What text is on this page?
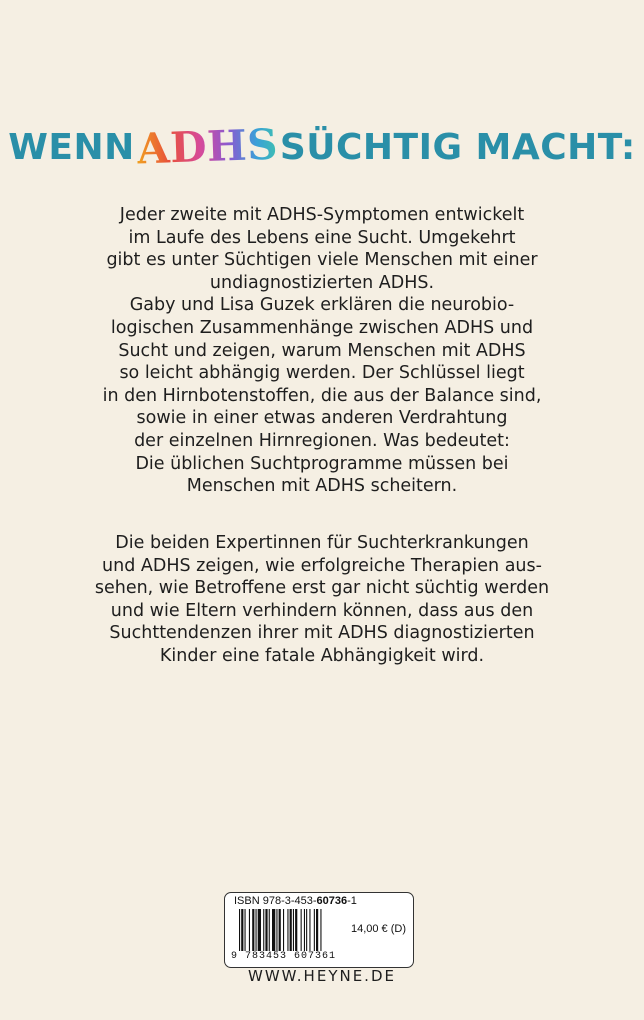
WENNADHSSÜCHTIG MACHT:
Jeder zweite mit ADHS-Symptomen entwickelt
im Laufe des Lebens eine Sucht. Umgekehrt
gibt es unter Süchtigen viele Menschen mit einer
undiagnostizierten ADHS.
Gaby und Lisa Guzek erklären die neurobio-
logischen Zusammenhänge zwischen ADHS und
Sucht und zeigen, warum Menschen mit ADHS
so leicht abhängig werden. Der Schlüssel liegt
in den Hirnbotenstoffen, die aus der Balance sind,
sowie in einer etwas anderen Verdrahtung
der einzelnen Hirnregionen. Was bedeutet:
Die üblichen Suchtprogramme müssen bei
Menschen mit ADHS scheitern.
Die beiden Expertinnen für Suchterkrankungen
und ADHS zeigen, wie erfolgreiche Therapien aus-
sehen, wie Betroffene erst gar nicht süchtig werden
und wie Eltern verhindern können, dass aus den
Suchttendenzen ihrer mit ADHS diagnostizierten
Kinder eine fatale Abhängigkeit wird.
ISBN 978-3-453-60736-1
9 783453 607361
14,00 € (D)
WWW.HEYNE.DE
